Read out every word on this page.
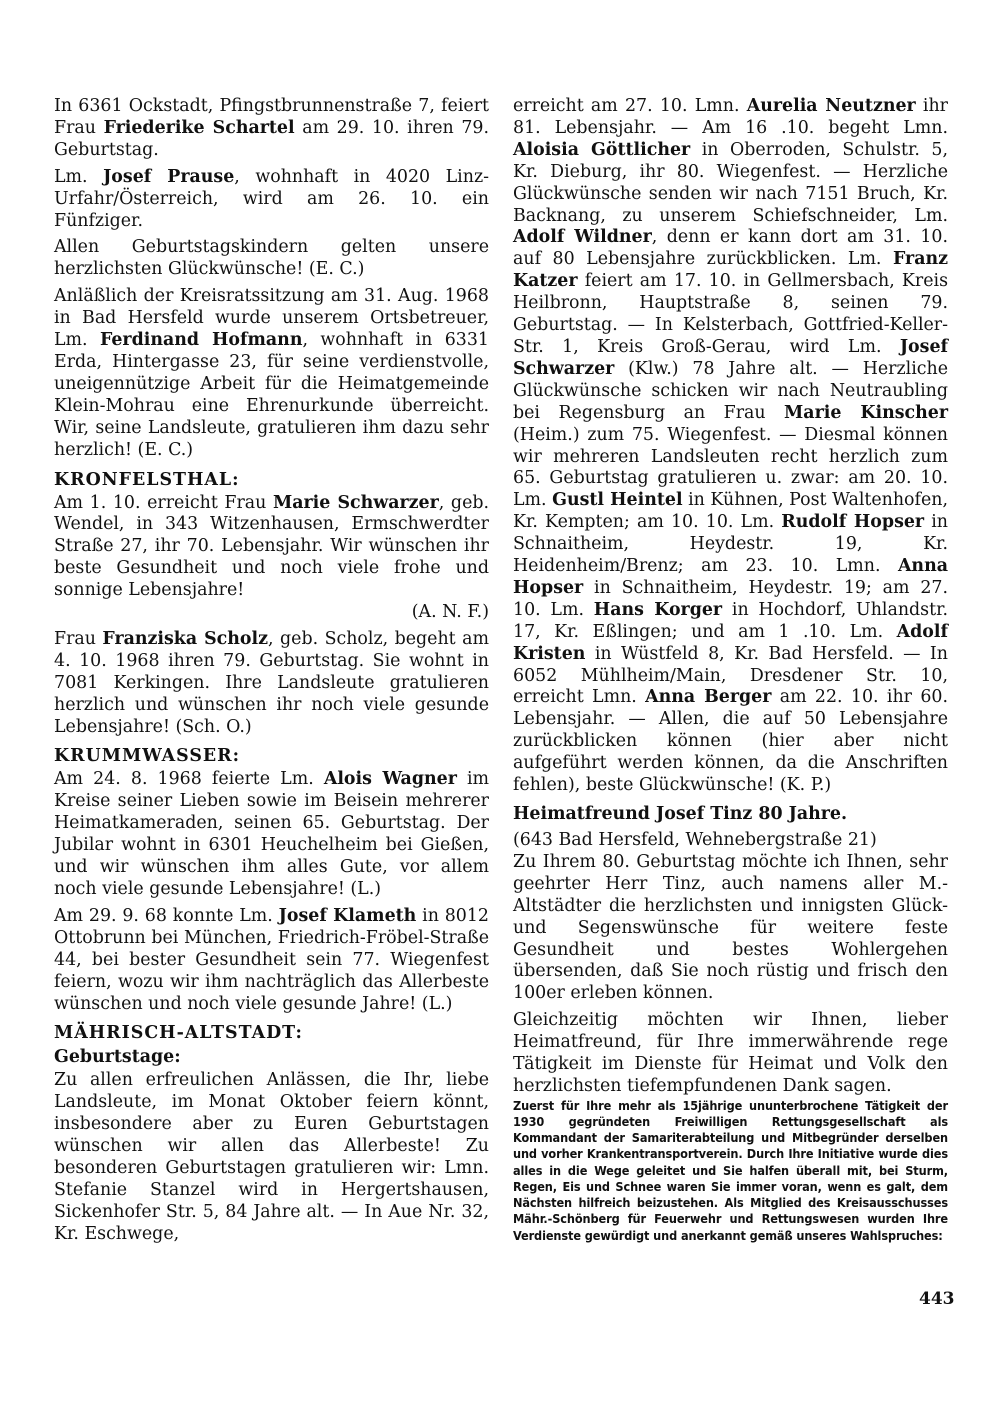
In 6361 Ockstadt, Pfingstbrunnenstraße 7, feiert Frau Friederike Schartel am 29. 10. ihren 79. Geburtstag.

Lm. Josef Prause, wohnhaft in 4020 Linz-Urfahr/Österreich, wird am 26. 10. ein Fünfziger.

Allen Geburtstagskindern gelten unsere herzlichsten Glückwünsche! (E. C.)

Anläßlich der Kreisratssitzung am 31. Aug. 1968 in Bad Hersfeld wurde unserem Ortsbetreuer, Lm. Ferdinand Hofmann, wohnhaft in 6331 Erda, Hintergasse 23, für seine verdienstvolle, uneigennützige Arbeit für die Heimatgemeinde Klein-Mohrau eine Ehrenurkunde überreicht. Wir, seine Landsleute, gratulieren ihm dazu sehr herzlich! (E. C.)

KRONFELSTHAL:

Am 1. 10. erreicht Frau Marie Schwarzer, geb. Wendel, in 343 Witzenhausen, Ermschwerdter Straße 27, ihr 70. Lebensjahr. Wir wünschen ihr beste Gesundheit und noch viele frohe und sonnige Lebensjahre!
(A. N. F.)

Frau Franziska Scholz, geb. Scholz, begeht am 4. 10. 1968 ihren 79. Geburtstag. Sie wohnt in 7081 Kerkingen. Ihre Landsleute gratulieren herzlich und wünschen ihr noch viele gesunde Lebensjahre! (Sch. O.)

KRUMMWASSER:

Am 24. 8. 1968 feierte Lm. Alois Wagner im Kreise seiner Lieben sowie im Beisein mehrerer Heimatkameraden, seinen 65. Geburtstag. Der Jubilar wohnt in 6301 Heuchelheim bei Gießen, und wir wünschen ihm alles Gute, vor allem noch viele gesunde Lebensjahre! (L.)

Am 29. 9. 68 konnte Lm. Josef Klameth in 8012 Ottobrunn bei München, Friedrich-Fröbel-Straße 44, bei bester Gesundheit sein 77. Wiegenfest feiern, wozu wir ihm nachträglich das Allerbeste wünschen und noch viele gesunde Jahre! (L.)

MÄHRISCH-ALTSTADT:
Geburtstage:

Zu allen erfreulichen Anlässen, die Ihr, liebe Landsleute, im Monat Oktober feiern könnt, insbesondere aber zu Euren Geburtstagen wünschen wir allen das Allerbeste! Zu besonderen Geburtstagen gratulieren wir: Lmn. Stefanie Stanzel wird in Hergertshausen, Sickenhofer Str. 5, 84 Jahre alt. — In Aue Nr. 32, Kr. Eschwege,

erreicht am 27. 10. Lmn. Aurelia Neutzner ihr 81. Lebensjahr. — Am 16 .10. begeht Lmn. Aloisia Göttlicher in Oberroden, Schulstr. 5, Kr. Dieburg, ihr 80. Wiegenfest. — Herzliche Glückwünsche senden wir nach 7151 Bruch, Kr. Backnang, zu unserem Schiefschneider, Lm. Adolf Wildner, denn er kann dort am 31. 10. auf 80 Lebensjahre zurückblicken. Lm. Franz Katzer feiert am 17. 10. in Gellmersbach, Kreis Heilbronn, Hauptstraße 8, seinen 79. Geburtstag. — In Kelsterbach, Gottfried-Keller-Str. 1, Kreis Groß-Gerau, wird Lm. Josef Schwarzer (Klw.) 78 Jahre alt. — Herzliche Glückwünsche schicken wir nach Neutraubling bei Regensburg an Frau Marie Kinscher (Heim.) zum 75. Wiegenfest. — Diesmal können wir mehreren Landsleuten recht herzlich zum 65. Geburtstag gratulieren u. zwar: am 20. 10. Lm. Gustl Heintel in Kühnen, Post Waltenhofen, Kr. Kempten; am 10. 10. Lm. Rudolf Hopser in Schnaitheim, Heydestr. 19, Kr. Heidenheim/Brenz; am 23. 10. Lmn. Anna Hopser in Schnaitheim, Heydestr. 19; am 27. 10. Lm. Hans Korger in Hochdorf, Uhlandstr. 17, Kr. Eßlingen; und am 1 .10. Lm. Adolf Kristen in Wüstfeld 8, Kr. Bad Hersfeld. — In 6052 Mühlheim/Main, Dresdener Str. 10, erreicht Lmn. Anna Berger am 22. 10. ihr 60. Lebensjahr. — Allen, die auf 50 Lebensjahre zurückblicken können (hier aber nicht aufgeführt werden können, da die Anschriften fehlen), beste Glückwünsche! (K. P.)

Heimatfreund Josef Tinz 80 Jahre.

(643 Bad Hersfeld, Wehnebergstraße 21)

Zu Ihrem 80. Geburtstag möchte ich Ihnen, sehr geehrter Herr Tinz, auch namens aller M.-Altstädter die herzlichsten und innigsten Glück- und Segenswünsche für weitere feste Gesundheit und bestes Wohlergehen übersenden, daß Sie noch rüstig und frisch den 100er erleben können.

Gleichzeitig möchten wir Ihnen, lieber Heimatfreund, für Ihre immerwährende rege Tätigkeit im Dienste für Heimat und Volk den herzlichsten tiefempfundenen Dank sagen.

Zuerst für Ihre mehr als 15jährige ununterbrochene Tätigkeit der 1930 gegründeten Freiwilligen Rettungsgesellschaft als Kommandant der Samariterabteilung und Mitbegründer derselben und vorher Krankentransportverein. Durch Ihre Initiative wurde dies alles in die Wege geleitet und Sie halfen überall mit, bei Sturm, Regen, Eis und Schnee waren Sie immer voran, wenn es galt, dem Nächsten hilfreich beizustehen. Als Mitglied des Kreisausschusses Mähr.-Schönberg für Feuerwehr und Rettungswesen wurden Ihre Verdienste gewürdigt und anerkannt gemäß unseres Wahlspruches:

443
